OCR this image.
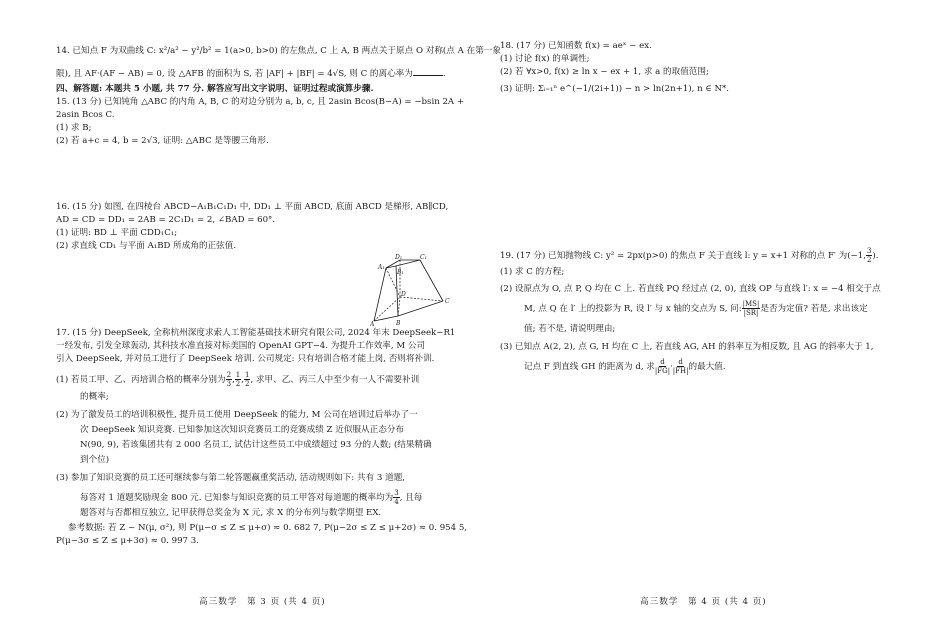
14. 已知点 F 为双曲线 C: x²/a² − y²/b² = 1(a>0, b>0) 的左焦点, C 上 A, B 两点关于原点 O 对称(点 A 在第一象
限), 且 AF·(AF − AB) = 0, 设 △AFB 的面积为 S, 若 |AF| + |BF| = 4√S, 则 C 的离心率为	.
四、解答题: 本题共 5 小题, 共 77 分. 解答应写出文字说明、证明过程或演算步骤.
15. (13 分) 已知钝角 △ABC 的内角 A, B, C 的对边分别为 a, b, c, 且 2asin Bcos(B−A) = −bsin 2A +
2asin Bcos C.
(1) 求 B;
(2) 若 a+c = 4, b = 2√3, 证明: △ABC 是等腰三角形.
16. (15 分) 如图, 在四棱台 ABCD−A₁B₁C₁D₁ 中, DD₁ ⊥ 平面 ABCD, 底面 ABCD 是梯形, AB∥CD,
AD = CD = DD₁ = 2AB = 2C₁D₁ = 2, ∠BAD = 60°.
(1) 证明: BD ⊥ 平面 CDD₁C₁;
(2) 求直线 CD₁ 与平面 A₁BD 所成角的正弦值.
D₁	C₁
A₁
B₁
D
C
A	B
17. (15 分) DeepSeek, 全称杭州深度求索人工智能基础技术研究有限公司, 2024 年末 DeepSeek−R1
一经发布, 引发全球轰动, 其科技水准直接对标美国的 OpenAI GPT−4. 为提升工作效率, M 公司
引入 DeepSeek, 并对员工进行了 DeepSeek 培训. 公司规定: 只有培训合格才能上岗, 否则将补训.
(1) 若员工甲、乙、丙培训合格的概率分别为 $\frac{2}{3}$ , $\frac{1}{2}$ , $\frac{1}{2}$ , 求甲、乙、丙三人中至少有一人不需要补训
的概率;
(2) 为了激发员工的培训积极性, 提升员工使用 DeepSeek 的能力, M 公司在培训过后举办了一
次 DeepSeek 知识竞赛. 已知参加这次知识竞赛员工的竞赛成绩 Z 近似服从正态分布
N(90, 9), 若该集团共有 2 000 名员工, 试估计这些员工中成绩超过 93 分的人数; (结果精确
到个位)
(3) 参加了知识竞赛的员工还可继续参与第二轮答题赢重奖活动, 活动规则如下: 共有 3 道题,
每答对 1 道题奖励现金 800 元. 已知参与知识竞赛的员工甲答对每道题的概率均为 $\frac{3}{4}$ , 且每
题答对与否都相互独立, 记甲获得总奖金为 X 元, 求 X 的分布列与数学期望 EX.
参考数据: 若 Z ~ N(μ, σ²), 则 P(μ−σ ≤ Z ≤ μ+σ) ≈ 0. 682 7, P(μ−2σ ≤ Z ≤ μ+2σ) ≈ 0. 954 5,
P(μ−3σ ≤ Z ≤ μ+3σ) ≈ 0. 997 3.
高三数学　第 3 页 (共 4 页)
18. (17 分) 已知函数 f(x) = aeˣ − ex.
(1) 讨论 f(x) 的单调性;
(2) 若 ∀x>0, f(x) ≥ ln x − ex + 1, 求 a 的取值范围;
(3) 证明: Σᵢ₌₁ⁿ e^(−1/(2i+1)) − n > ln(2n+1), n ∈ N*.
19. (17 分) 已知抛物线 C: y² = 2px(p>0) 的焦点 F 关于直线 l: y = x+1 对称的点 F′ 为(−1, $\frac{3}{2}$ ).
(1) 求 C 的方程;
(2) 设原点为 O, 点 P, Q 均在 C 上. 若直线 PQ 经过点 (2, 0), 直线 OP 与直线 l′: x = −4 相交于点
M, 点 Q 在 l′ 上的投影为 R, 设 l′ 与 x 轴的交点为 S, 问: $\frac{|MS|}{|SR|}$ 是否为定值? 若是, 求出该定
值; 若不是, 请说明理由;
(3) 已知点 A(2, 2), 点 G, H 均在 C 上, 若直线 AG, AH 的斜率互为相反数, 且 AG 的斜率大于 1,
记点 F 到直线 GH 的距离为 d, 求 $\frac{d}{|FG|} \cdot \frac{d}{|FH|}$ 的最大值.
高三数学　第 4 页 (共 4 页)
